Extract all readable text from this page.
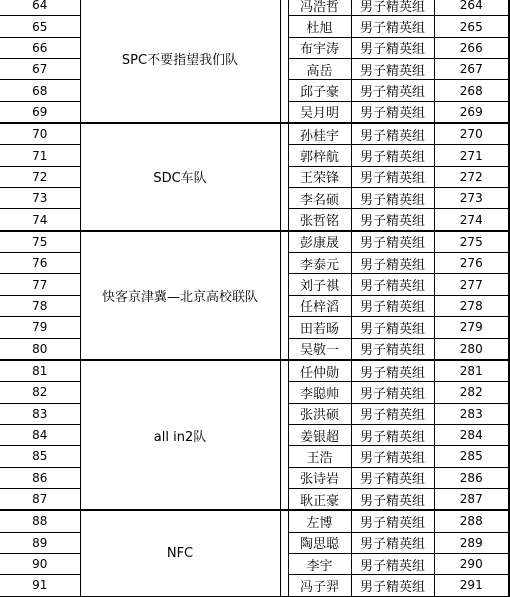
64	SPC不要指望我们队		冯浩哲	男子精英组	264
65			杜旭	男子精英组	265
66			布宇涛	男子精英组	266
67			高岳	男子精英组	267
68			邱子豪	男子精英组	268
69			吴月明	男子精英组	269
70	SDC车队		孙桂宇	男子精英组	270
71			郭梓航	男子精英组	271
72			王荣锋	男子精英组	272
73			李名硕	男子精英组	273
74			张哲铭	男子精英组	274
75	快客京津冀—北京高校联队		彭康晟	男子精英组	275
76			李泰元	男子精英组	276
77			刘子祺	男子精英组	277
78			任梓滔	男子精英组	278
79			田若旸	男子精英组	279
80			吴敬一	男子精英组	280
81	all in2队		任仲勋	男子精英组	281
82			李聪帅	男子精英组	282
83			张洪硕	男子精英组	283
84			姜银超	男子精英组	284
85			王浩	男子精英组	285
86			张诗岩	男子精英组	286
87			耿正豪	男子精英组	287
88	NFC		左博	男子精英组	288
89			陶思聪	男子精英组	289
90			李宇	男子精英组	290
91			冯子羿	男子精英组	291
